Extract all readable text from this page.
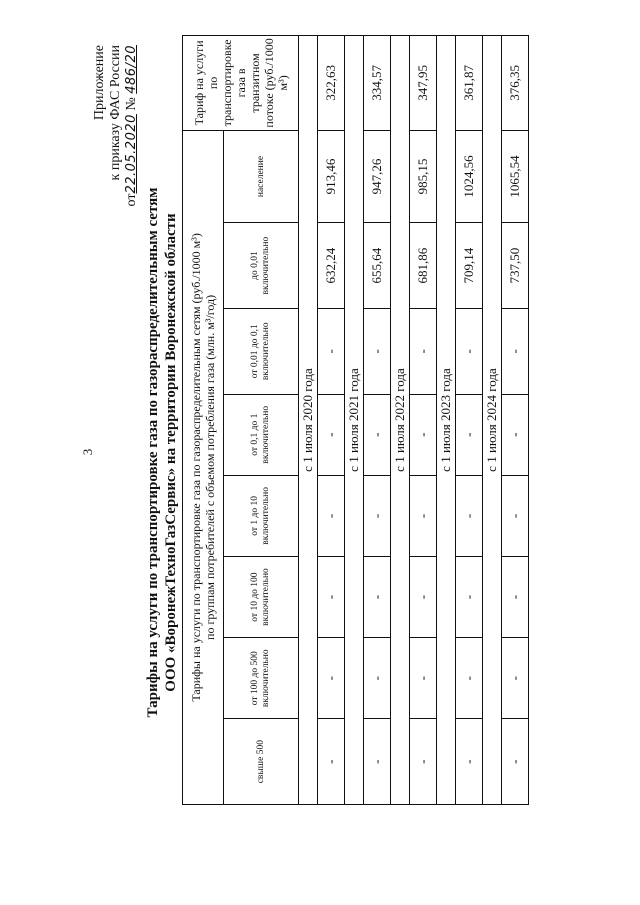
3
Приложение к приказу ФАС России
от22.05.2020 № 486/20
Тарифы на услуги по транспортировке газа по газораспределительным сетям ООО «ВоронежТехноГазСервис» на территории Воронежской области Тарифы на услуги по транспортировке газа по газораспределительным сетям (руб./1000 м³) по группам потребителей с объемом потребления газа (млн. м³/год)								Тариф на услуги по транспортировке газа в транзитном потоке (руб./1000 м³)
свыше 500	от 100 до 500 включительно	от 10 до 100 включительно	от 1 до 10 включительно	от 0,1 до 1 включительно	от 0,01 до 0,1 включительно	до 0,01 включительно	население	
с 1 июля 2020 года								
-	-	-	-	-	-	632,24	913,46	322,63
с 1 июля 2021 года								
-	-	-	-	-	-	655,64	947,26	334,57
с 1 июля 2022 года								
-	-	-	-	-	-	681,86	985,15	347,95
с 1 июля 2023 года								
-	-	-	-	-	-	709,14	1024,56	361,87
с 1 июля 2024 года								
-	-	-	-	-	-	737,50	1065,54	376,35
